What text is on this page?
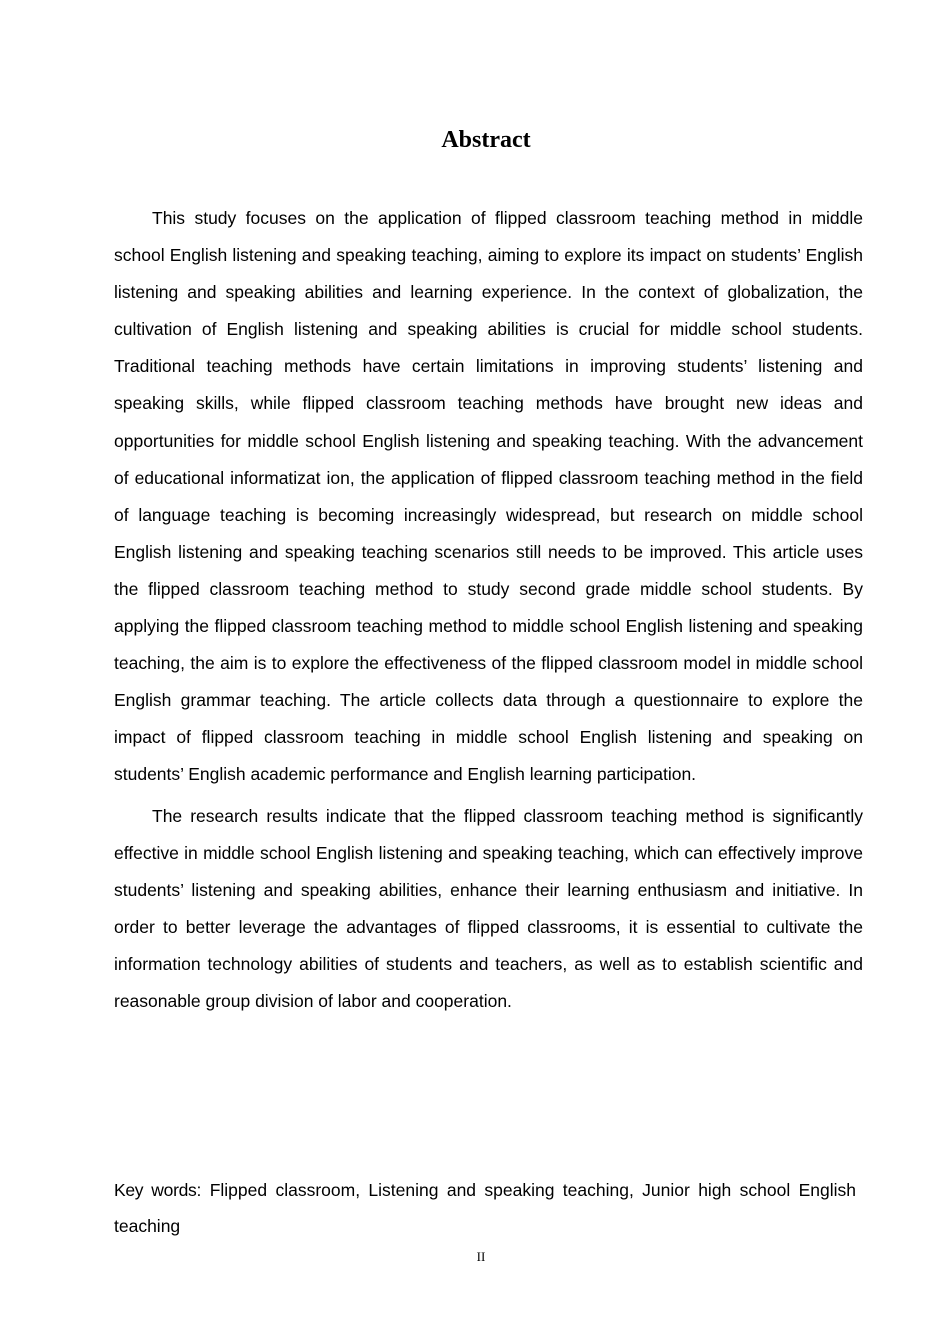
Abstract

This study focuses on the application of flipped classroom teaching method in middle school English listening and speaking teaching, aiming to explore its impact on students’ English listening and speaking abilities and learning experience. In the context of globalization, the cultivation of English listening and speaking abilities is crucial for middle school students. Traditional teaching methods have certain limitations in improving students’ listening and speaking skills, while flipped classroom teaching methods have brought new ideas and opportunities for middle school English listening and speaking teaching. With the advancement of educational informatizat ion, the application of flipped classroom teaching method in the field of language teaching is becoming increasingly widespread, but research on middle school English listening and speaking teaching scenarios still needs to be improved. This article uses the flipped classroom teaching method to study second grade middle school students. By applying the flipped classroom teaching method to middle school English listening and speaking teaching, the aim is to explore the effectiveness of the flipped classroom model in middle school English grammar teaching. The article collects data through a questionnaire to explore the impact of flipped classroom teaching in middle school English listening and speaking on students’ English academic performance and English learning participation.

The research results indicate that the flipped classroom teaching method is significantly effective in middle school English listening and speaking teaching, which can effectively improve students’ listening and speaking abilities, enhance their learning enthusiasm and initiative. In order to better leverage the advantages of flipped classrooms, it is essential to cultivate the information technology abilities of students and teachers, as well as to establish scientific and reasonable group division of labor and cooperation.

Key words: Flipped classroom, Listening and speaking teaching, Junior high school English teaching

II
